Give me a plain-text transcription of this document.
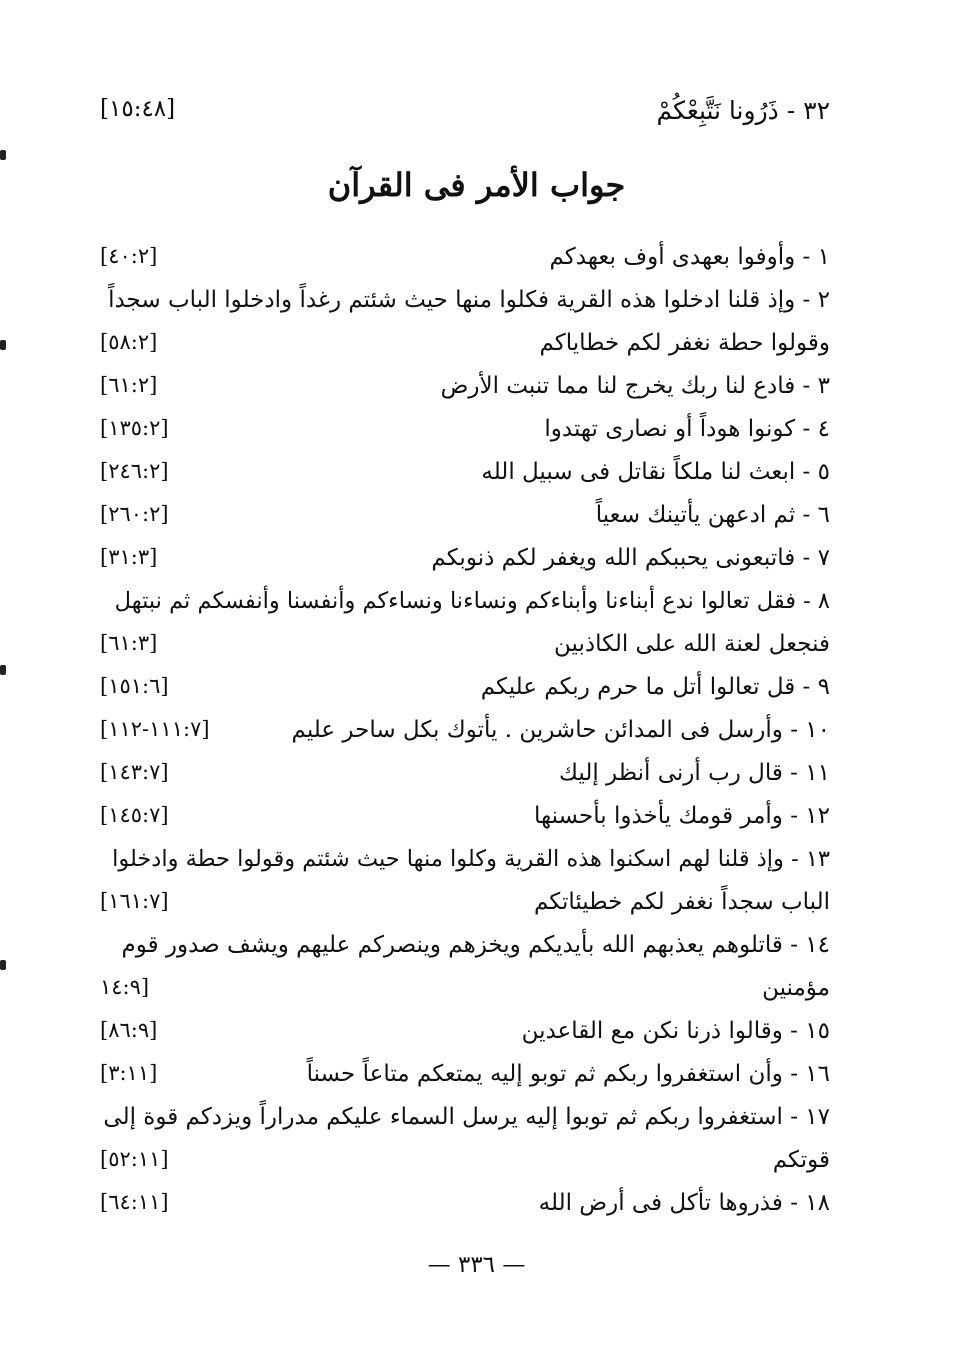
٣٢ - ذَرُونا نَتَّبِعْكُمْ
[١٥:٤٨]
جواب الأمر فى القرآن
١ - وأوفوا بعهدى أوف بعهدكم
[٤٠:٢]
٢ - وإذ قلنا ادخلوا هذه القرية فكلوا منها حيث شئتم رغداً وادخلوا الباب سجداً
وقولوا حطة نغفر لكم خطاياكم
[٥٨:٢]
٣ - فادع لنا ربك يخرج لنا مما تنبت الأرض
[٦١:٢]
٤ - كونوا هوداً أو نصارى تهتدوا
[١٣٥:٢]
٥ - ابعث لنا ملكاً نقاتل فى سبيل الله
[٢٤٦:٢]
٦ - ثم ادعهن يأتينك سعياً
[٢٦٠:٢]
٧ - فاتبعونى يحببكم الله ويغفر لكم ذنوبكم
[٣١:٣]
٨ - فقل تعالوا ندع أبناءنا وأبناءكم ونساءنا ونساءكم وأنفسنا وأنفسكم ثم نبتهل
فنجعل لعنة الله على الكاذبين
[٦١:٣]
٩ - قل تعالوا أتل ما حرم ربكم عليكم
[١٥١:٦]
١٠ - وأرسل فى المدائن حاشرين . يأتوك بكل ساحر عليم
[١١١:٧-١١٢]
١١ - قال رب أرنى أنظر إليك
[١٤٣:٧]
١٢ - وأمر قومك يأخذوا بأحسنها
[١٤٥:٧]
١٣ - وإذ قلنا لهم اسكنوا هذه القرية وكلوا منها حيث شئتم وقولوا حطة وادخلوا
الباب سجداً نغفر لكم خطيئاتكم
[١٦١:٧]
١٤ - قاتلوهم يعذبهم الله بأيديكم ويخزهم وينصركم عليهم ويشف صدور قوم
مؤمنين
[١٤:٩
١٥ - وقالوا ذرنا نكن مع القاعدين
[٨٦:٩]
١٦ - وأن استغفروا ربكم ثم توبو إليه يمتعكم متاعاً حسناً
[٣:١١]
١٧ - استغفروا ربكم ثم توبوا إليه يرسل السماء عليكم مدراراً ويزدكم قوة إلى
قوتكم
[٥٢:١١]
١٨ - فذروها تأكل فى أرض الله
[٦٤:١١]
— ٣٣٦ —
